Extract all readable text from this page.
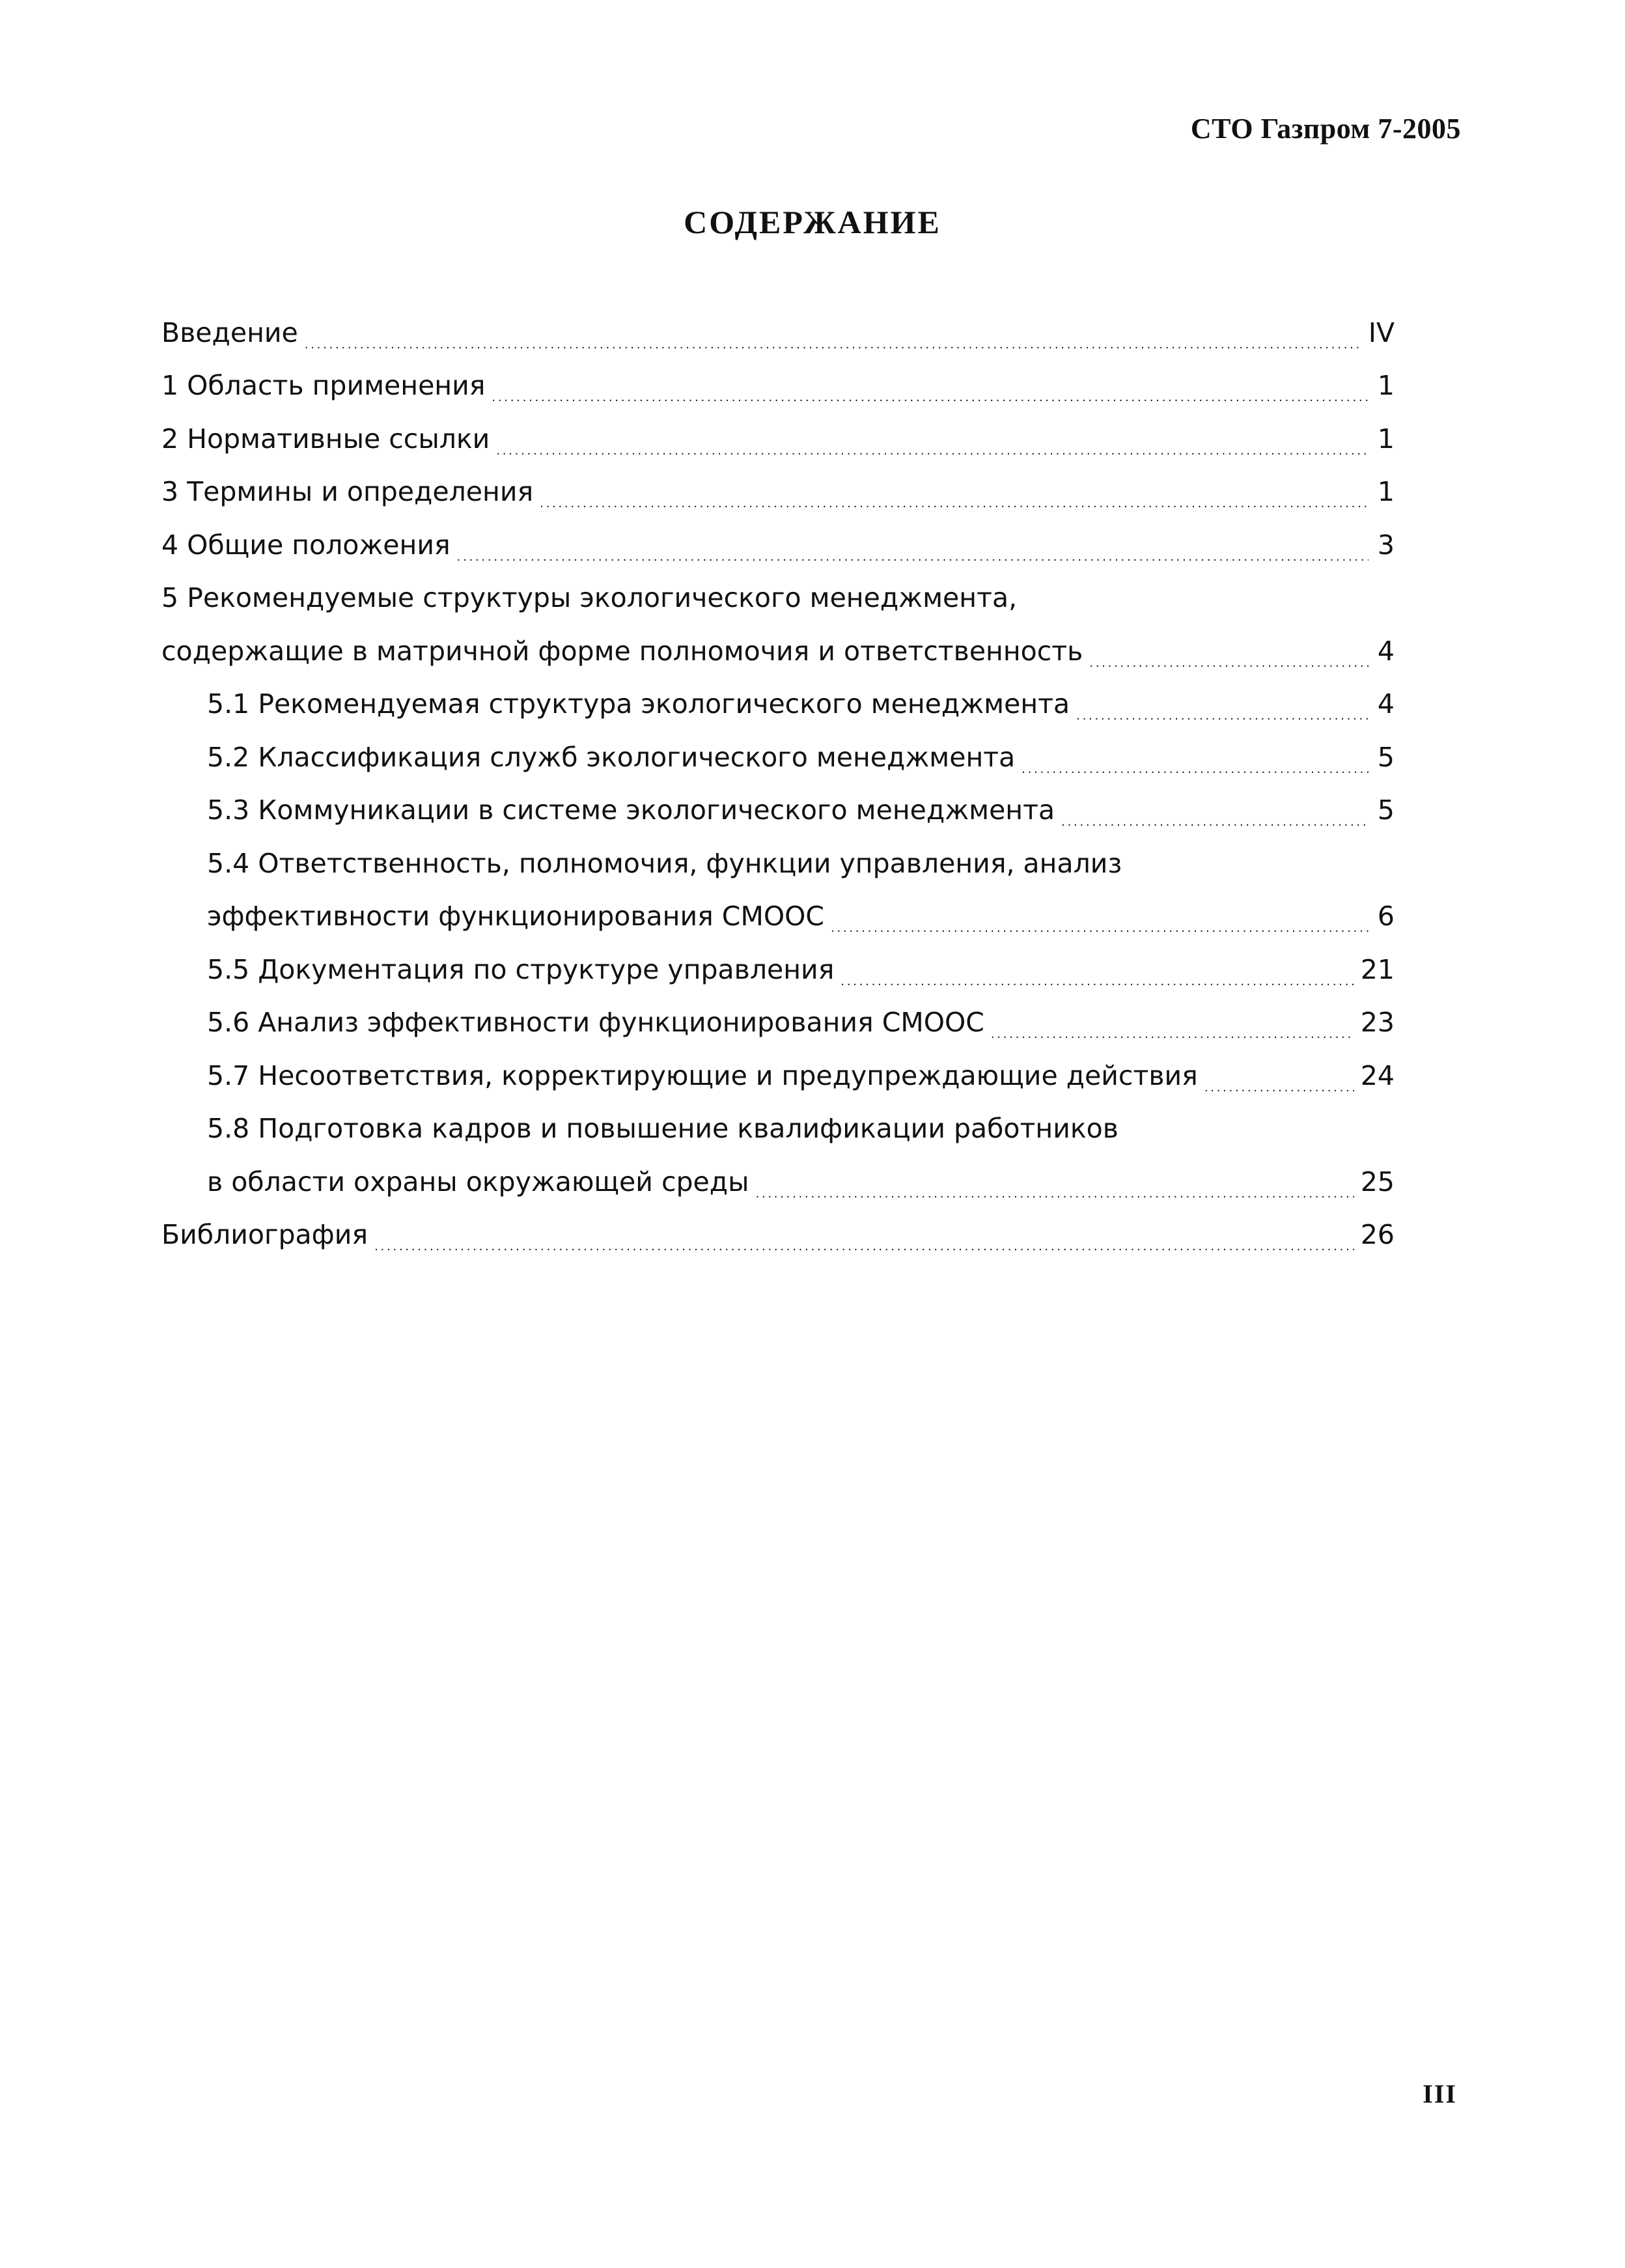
СТО Газпром 7-2005
СОДЕРЖАНИЕ
Введение . . .	IV
1 Область применения . . .	1
2 Нормативные ссылки . . .	1
3 Термины и определения . . .	1
4 Общие положения . . .	3
5 Рекомендуемые структуры экологического менеджмента,
содержащие в матричной форме полномочия и ответственность . . .	4
5.1 Рекомендуемая структура экологического менеджмента . . .	4
5.2 Классификация служб экологического менеджмента . . .	5
5.3 Коммуникации в системе экологического менеджмента . . .	5
5.4 Ответственность, полномочия, функции управления, анализ
эффективности функционирования СМООС . . .	6
5.5 Документация по структуре управления . . .	21
5.6 Анализ эффективности функционирования СМООС . . .	23
5.7 Несоответствия, корректирующие и предупреждающие действия . . .	24
5.8 Подготовка кадров и повышение квалификации работников
в области охраны окружающей среды . . .	25
Библиография . . .	26
III
